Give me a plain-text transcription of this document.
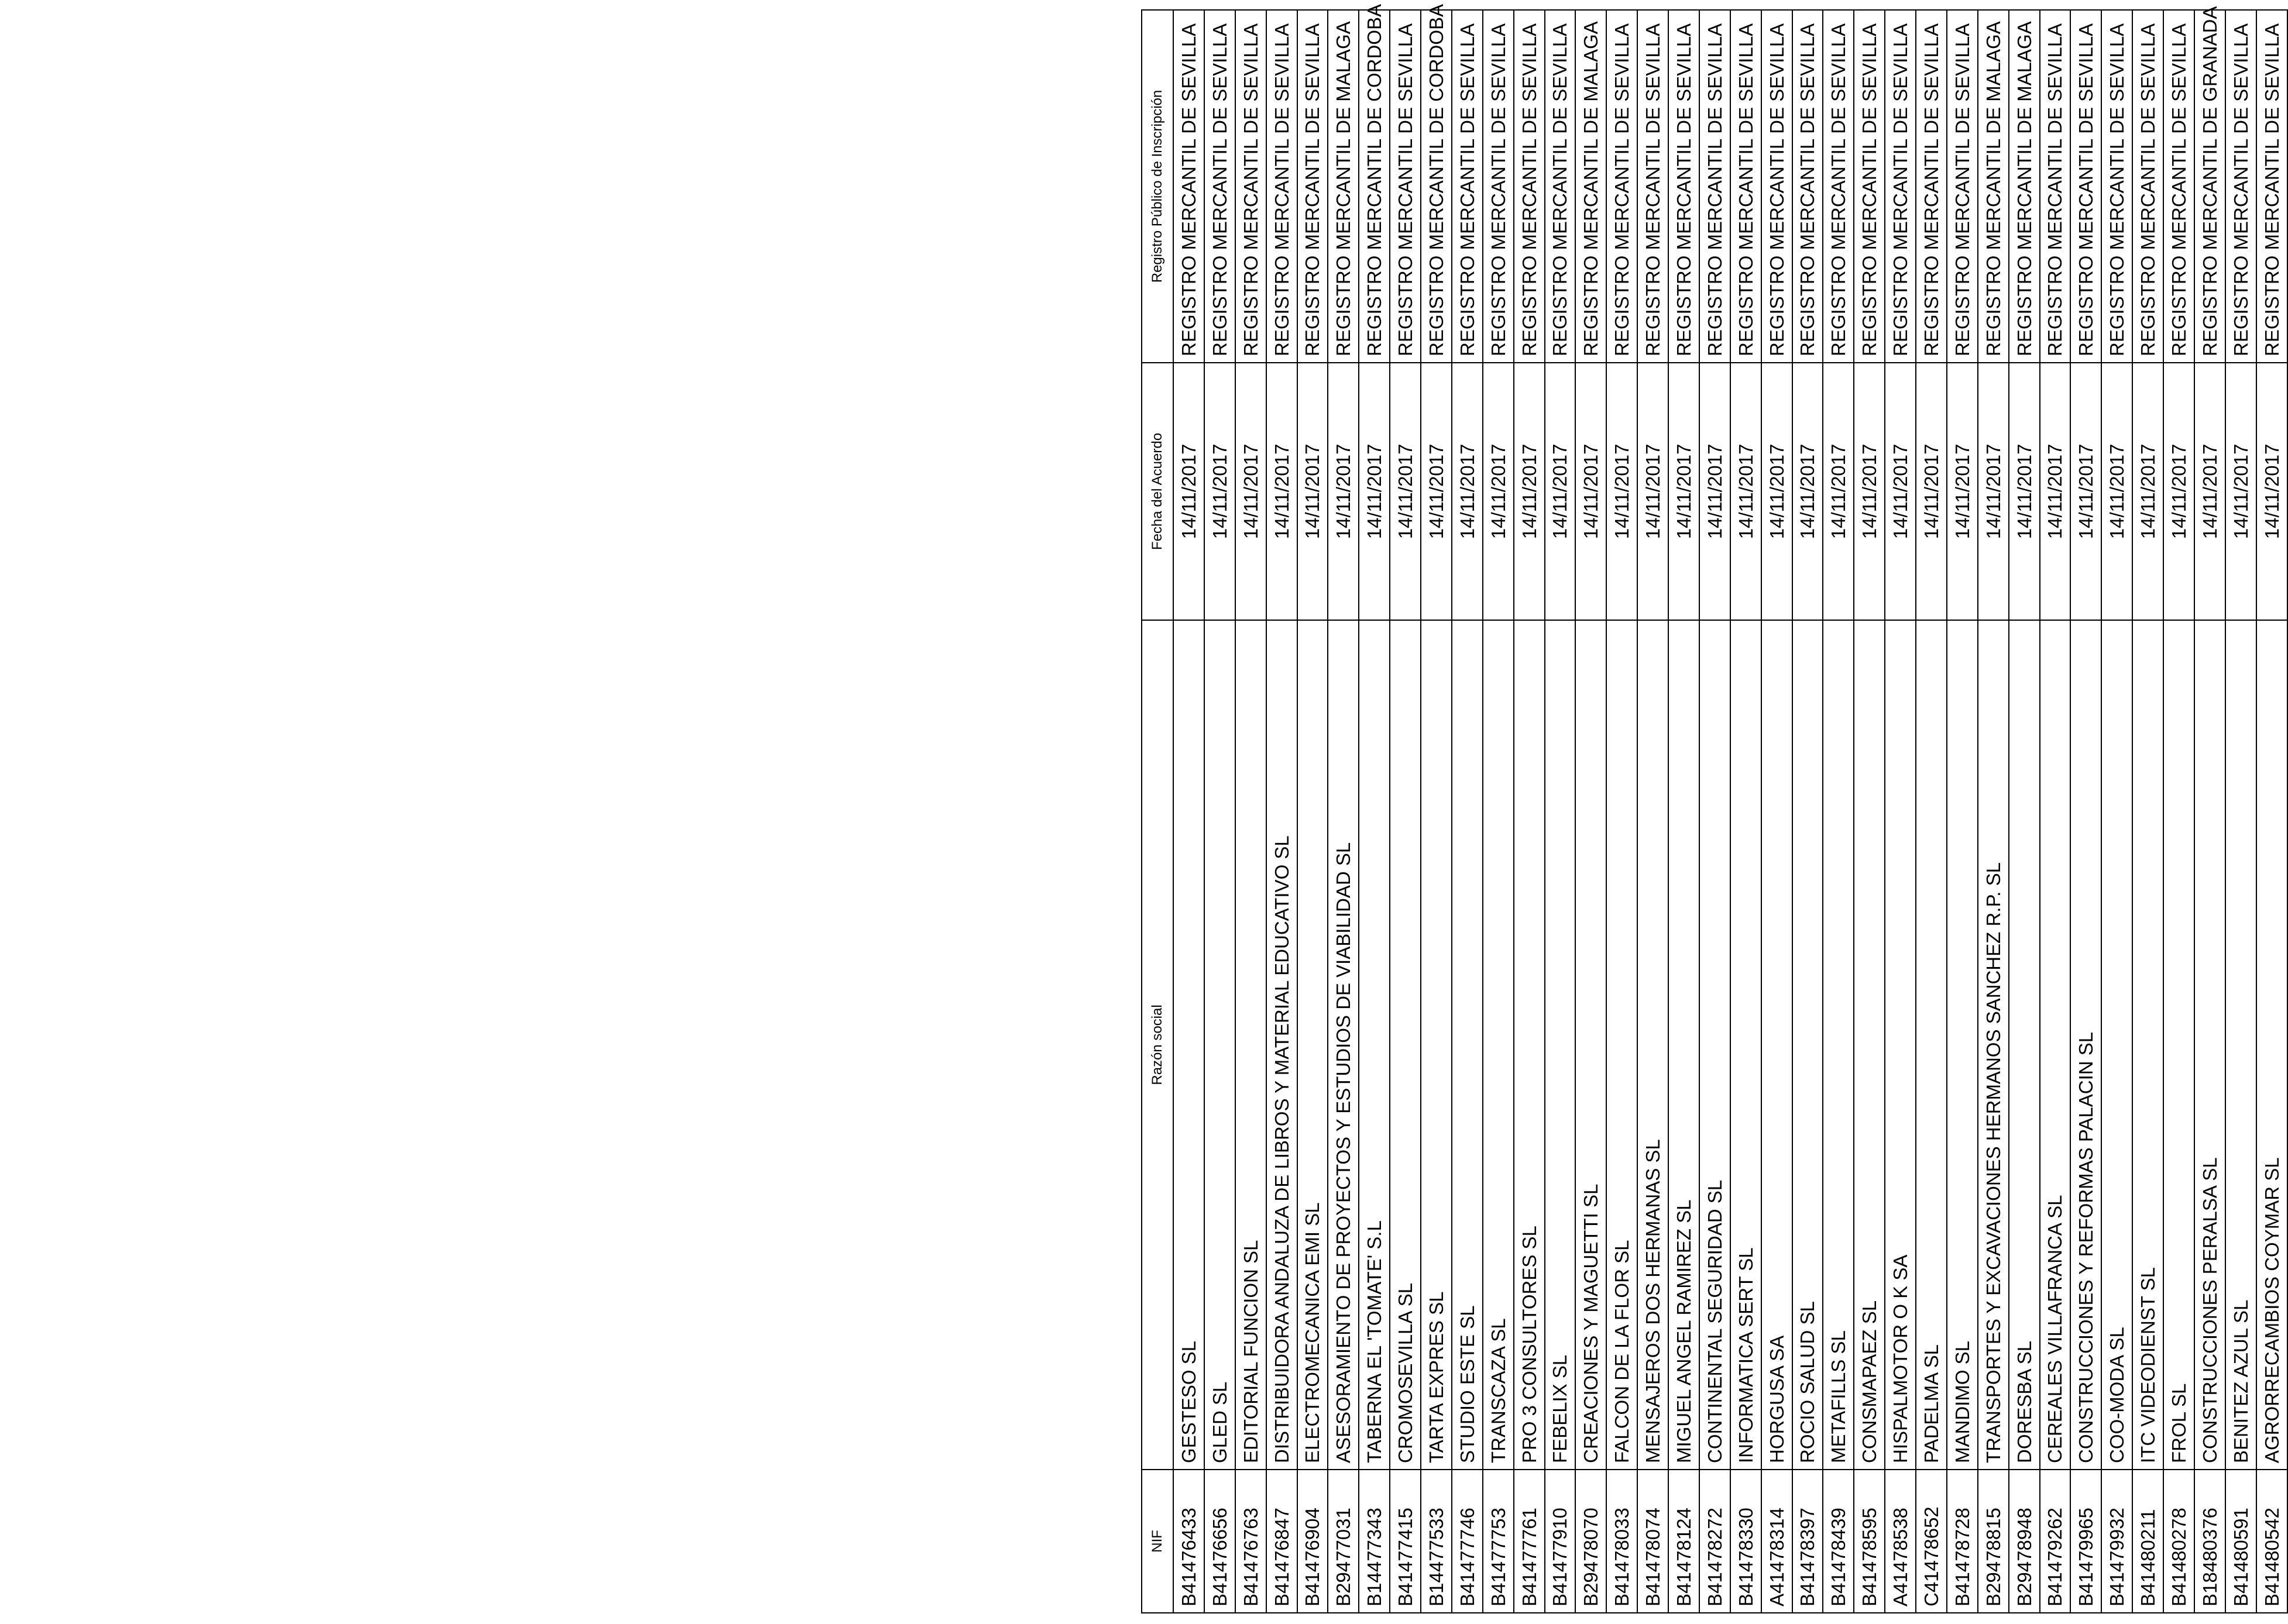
NIF	Razón social	Fecha del Acuerdo	Registro Público de Inscripción
B41476433	GESTESO SL	14/11/2017	REGISTRO MERCANTIL DE SEVILLA
B41476656	GLED SL	14/11/2017	REGISTRO MERCANTIL DE SEVILLA
B41476763	EDITORIAL FUNCION SL	14/11/2017	REGISTRO MERCANTIL DE SEVILLA
B41476847	DISTRIBUIDORA ANDALUZA DE LIBROS Y MATERIAL EDUCATIVO SL	14/11/2017	REGISTRO MERCANTIL DE SEVILLA
B41476904	ELECTROMECANICA EMI SL	14/11/2017	REGISTRO MERCANTIL DE SEVILLA
B29477031	ASESORAMIENTO DE PROYECTOS Y ESTUDIOS DE VIABILIDAD SL	14/11/2017	REGISTRO MERCANTIL DE MALAGA
B14477343	TABERNA EL 'TOMATE' S.L	14/11/2017	REGISTRO MERCANTIL DE CORDOBA
B41477415	CROMOSEVILLA SL	14/11/2017	REGISTRO MERCANTIL DE SEVILLA
B14477533	TARTA EXPRES SL	14/11/2017	REGISTRO MERCANTIL DE CORDOBA
B41477746	STUDIO ESTE SL	14/11/2017	REGISTRO MERCANTIL DE SEVILLA
B41477753	TRANSCAZA SL	14/11/2017	REGISTRO MERCANTIL DE SEVILLA
B41477761	PRO 3 CONSULTORES SL	14/11/2017	REGISTRO MERCANTIL DE SEVILLA
B41477910	FEBELIX SL	14/11/2017	REGISTRO MERCANTIL DE SEVILLA
B29478070	CREACIONES Y MAGUETTI SL	14/11/2017	REGISTRO MERCANTIL DE MALAGA
B41478033	FALCON DE LA FLOR SL	14/11/2017	REGISTRO MERCANTIL DE SEVILLA
B41478074	MENSAJEROS DOS HERMANAS SL	14/11/2017	REGISTRO MERCANTIL DE SEVILLA
B41478124	MIGUEL ANGEL RAMIREZ SL	14/11/2017	REGISTRO MERCANTIL DE SEVILLA
B41478272	CONTINENTAL SEGURIDAD SL	14/11/2017	REGISTRO MERCANTIL DE SEVILLA
B41478330	INFORMATICA SERT SL	14/11/2017	REGISTRO MERCANTIL DE SEVILLA
A41478314	HORGUSA SA	14/11/2017	REGISTRO MERCANTIL DE SEVILLA
B41478397	ROCIO SALUD SL	14/11/2017	REGISTRO MERCANTIL DE SEVILLA
B41478439	METAFILLS SL	14/11/2017	REGISTRO MERCANTIL DE SEVILLA
B41478595	CONSMAPAEZ SL	14/11/2017	REGISTRO MERCANTIL DE SEVILLA
A41478538	HISPALMOTOR O K SA	14/11/2017	REGISTRO MERCANTIL DE SEVILLA
C41478652	PADELMA SL	14/11/2017	REGISTRO MERCANTIL DE SEVILLA
B41478728	MANDIMO SL	14/11/2017	REGISTRO MERCANTIL DE SEVILLA
B29478815	TRANSPORTES Y EXCAVACIONES HERMANOS SANCHEZ R.P. SL	14/11/2017	REGISTRO MERCANTIL DE MALAGA
B29478948	DORESBA SL	14/11/2017	REGISTRO MERCANTIL DE MALAGA
B41479262	CEREALES VILLAFRANCA SL	14/11/2017	REGISTRO MERCANTIL DE SEVILLA
B41479965	CONSTRUCCIONES Y REFORMAS PALACIN SL	14/11/2017	REGISTRO MERCANTIL DE SEVILLA
B41479932	COO-MODA SL	14/11/2017	REGISTRO MERCANTIL DE SEVILLA
B41480211	ITC VIDEODIENST SL	14/11/2017	REGISTRO MERCANTIL DE SEVILLA
B41480278	FROL SL	14/11/2017	REGISTRO MERCANTIL DE SEVILLA
B18480376	CONSTRUCCIONES PERALSA SL	14/11/2017	REGISTRO MERCANTIL DE GRANADA
B41480591	BENITEZ AZUL SL	14/11/2017	REGISTRO MERCANTIL DE SEVILLA
B41480542	AGRORRECAMBIOS COYMAR SL	14/11/2017	REGISTRO MERCANTIL DE SEVILLA
